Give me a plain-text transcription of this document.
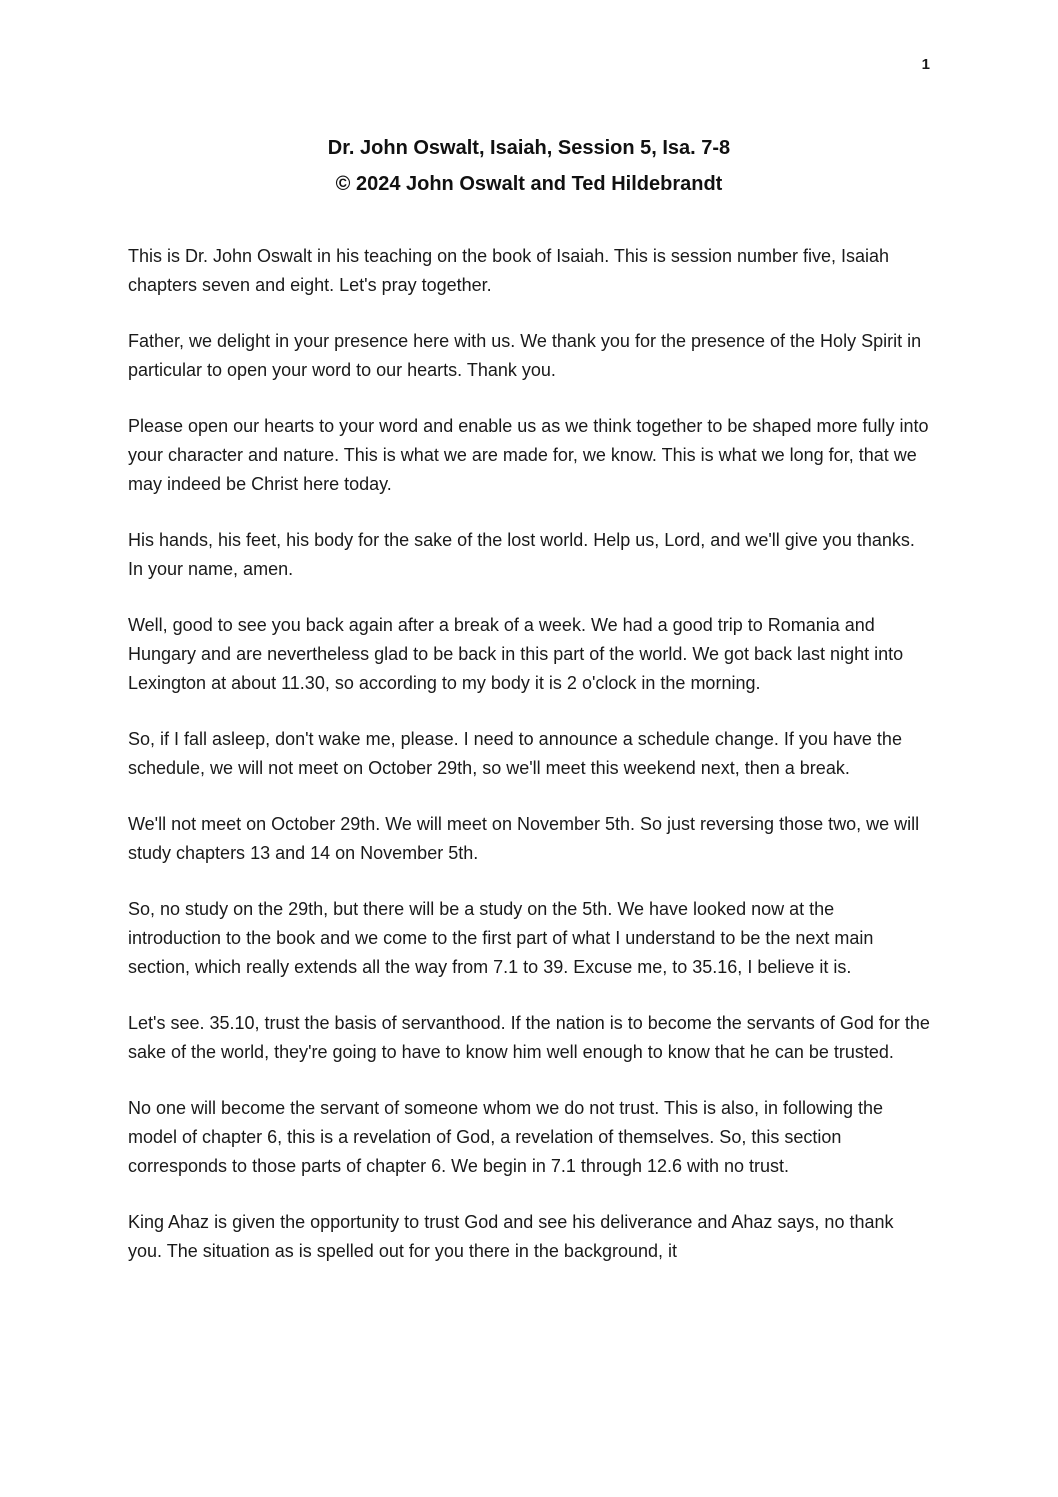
1
Dr. John Oswalt, Isaiah, Session 5, Isa. 7-8
© 2024 John Oswalt and Ted Hildebrandt

This is Dr. John Oswalt in his teaching on the book of Isaiah. This is session number five, Isaiah chapters seven and eight. Let's pray together.

Father, we delight in your presence here with us. We thank you for the presence of the Holy Spirit in particular to open your word to our hearts. Thank you.

Please open our hearts to your word and enable us as we think together to be shaped more fully into your character and nature. This is what we are made for, we know. This is what we long for, that we may indeed be Christ here today.

His hands, his feet, his body for the sake of the lost world. Help us, Lord, and we'll give you thanks. In your name, amen.

Well, good to see you back again after a break of a week. We had a good trip to Romania and Hungary and are nevertheless glad to be back in this part of the world. We got back last night into Lexington at about 11.30, so according to my body it is 2 o'clock in the morning.

So, if I fall asleep, don't wake me, please. I need to announce a schedule change. If you have the schedule, we will not meet on October 29th, so we'll meet this weekend next, then a break.

We'll not meet on October 29th. We will meet on November 5th. So just reversing those two, we will study chapters 13 and 14 on November 5th.

So, no study on the 29th, but there will be a study on the 5th. We have looked now at the introduction to the book and we come to the first part of what I understand to be the next main section, which really extends all the way from 7.1 to 39. Excuse me, to 35.16, I believe it is.

Let's see. 35.10, trust the basis of servanthood. If the nation is to become the servants of God for the sake of the world, they're going to have to know him well enough to know that he can be trusted.

No one will become the servant of someone whom we do not trust. This is also, in following the model of chapter 6, this is a revelation of God, a revelation of themselves. So, this section corresponds to those parts of chapter 6. We begin in 7.1 through 12.6 with no trust.

King Ahaz is given the opportunity to trust God and see his deliverance and Ahaz says, no thank you. The situation as is spelled out for you there in the background, it
